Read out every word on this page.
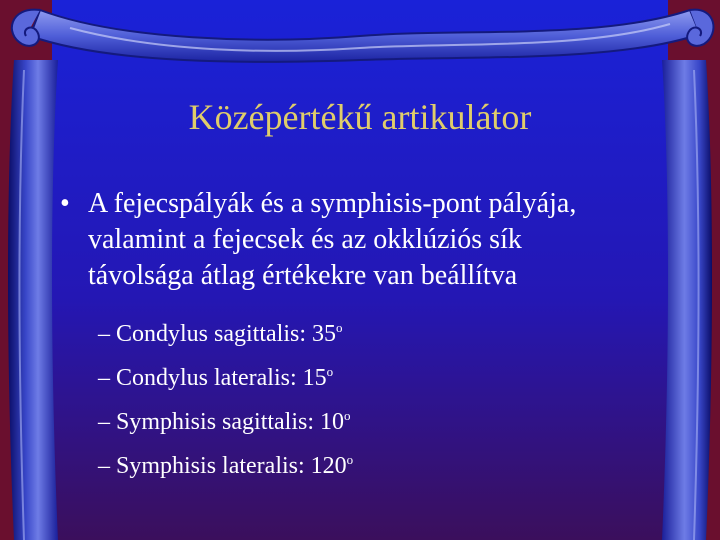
Középértékű artikulátor
• A fejecspályák és a symphisis-pont pályája,
valamint a fejecsek és az okklúziós sík
távolsága átlag értékekre van beállítva
– Condylus sagittalis: 35$^o$
– Condylus lateralis: 15$^o$
– Symphisis sagittalis: 10$^o$
– Symphisis lateralis: 120$^o$
